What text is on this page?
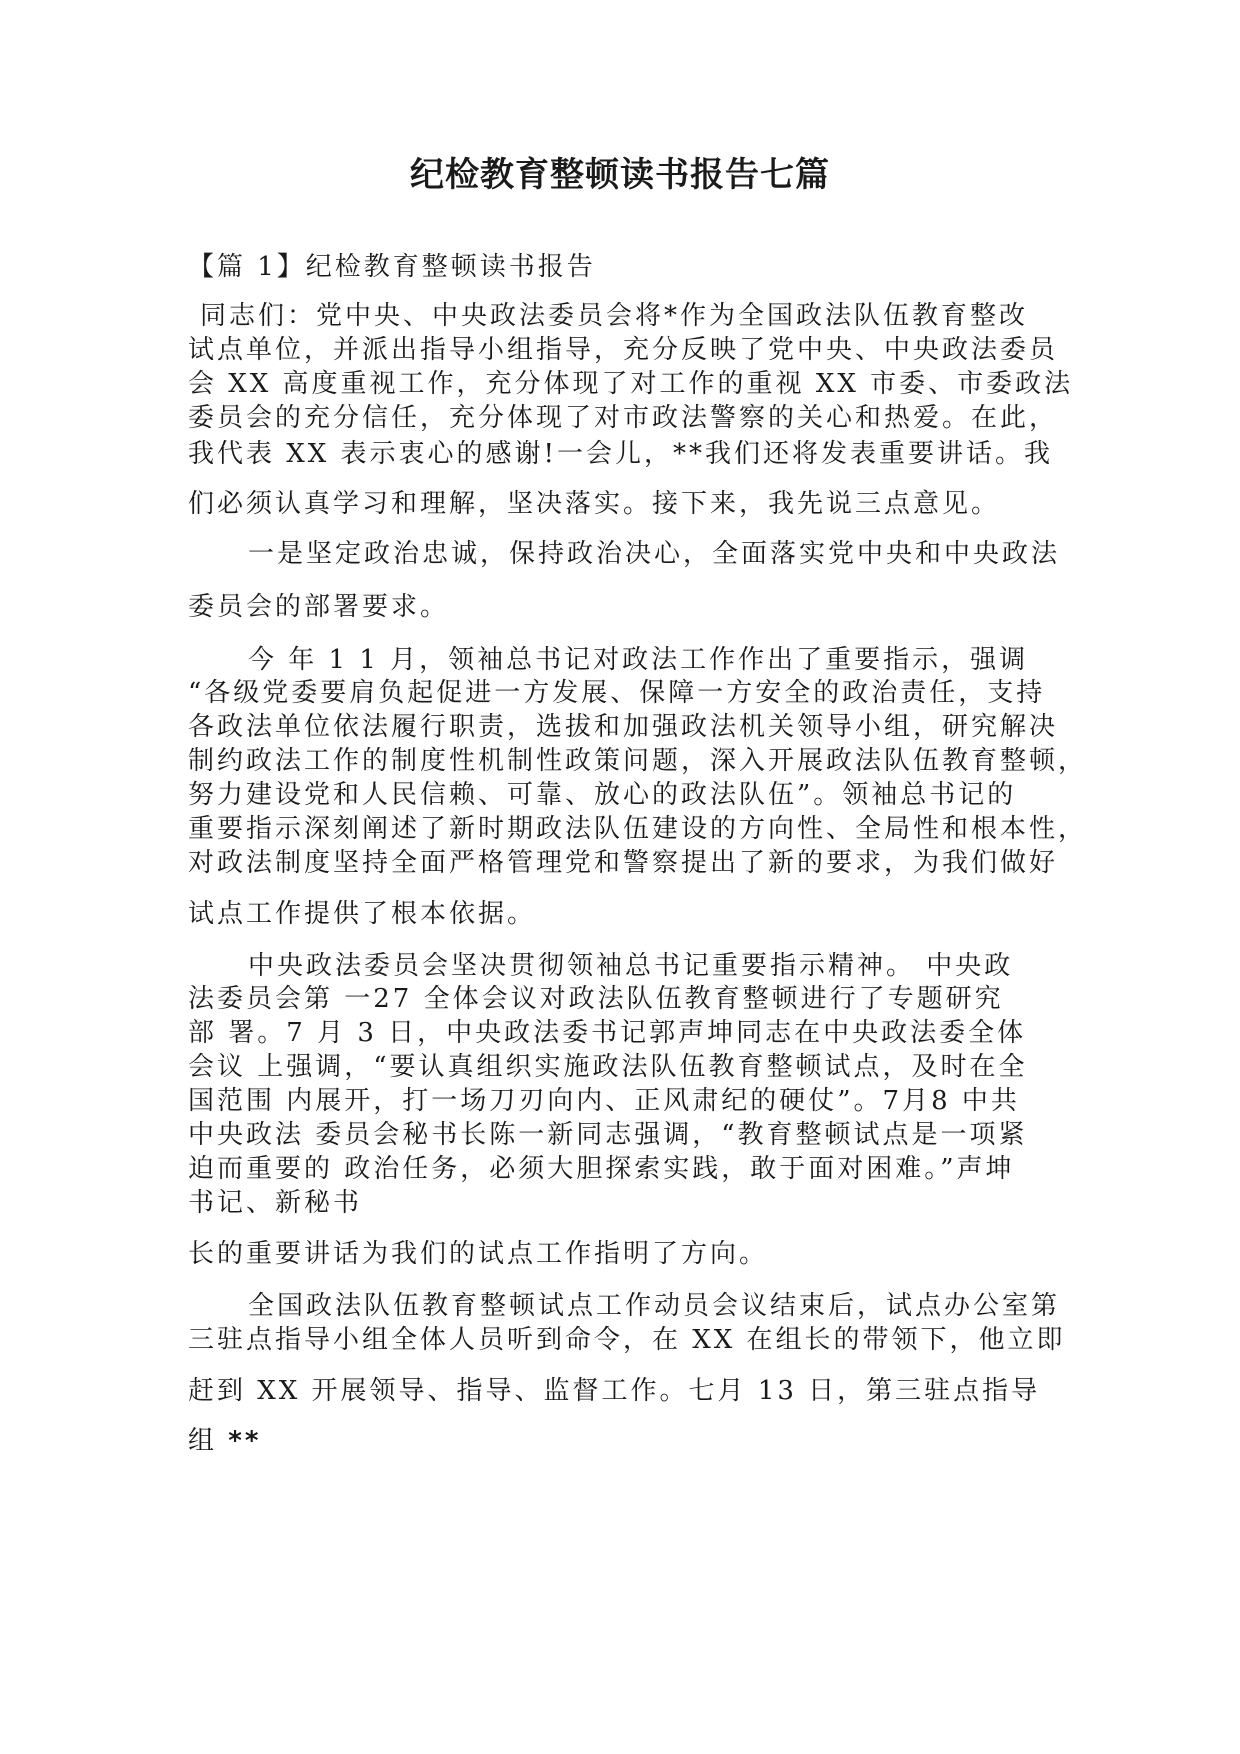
纪检教育整顿读书报告七篇
【篇 1】纪检教育整顿读书报告
同志们：党中央、中央政法委员会将*作为全国政法队伍教育整改
试点单位，并派出指导小组指导，充分反映了党中央、中央政法委员
会 XX 高度重视工作，充分体现了对工作的重视 XX 市委、市委政法
委员会的充分信任，充分体现了对市政法警察的关心和热爱。在此，
我代表 XX 表示衷心的感谢!一会儿，**我们还将发表重要讲话。我
们必须认真学习和理解，坚决落实。接下来，我先说三点意见。
一是坚定政治忠诚，保持政治决心，全面落实党中央和中央政法
委员会的部署要求。
今 年 1 1 月，领袖总书记对政法工作作出了重要指示，强调
“各级党委要肩负起促进一方发展、保障一方安全的政治责任，支持
各政法单位依法履行职责，选拔和加强政法机关领导小组，研究解决
制约政法工作的制度性机制性政策问题，深入开展政法队伍教育整顿，
努力建设党和人民信赖、可靠、放心的政法队伍”。领袖总书记的
重要指示深刻阐述了新时期政法队伍建设的方向性、全局性和根本性，
对政法制度坚持全面严格管理党和警察提出了新的要求，为我们做好
试点工作提供了根本依据。
中央政法委员会坚决贯彻领袖总书记重要指示精神。 中央政
法委员会第 一27 全体会议对政法队伍教育整顿进行了专题研究
部 署。7 月 3 日，中央政法委书记郭声坤同志在中央政法委全体
会议 上强调，“要认真组织实施政法队伍教育整顿试点，及时在全
国范围 内展开，打一场刀刃向内、正风肃纪的硬仗”。7月8 中共
中央政法 委员会秘书长陈一新同志强调，“教育整顿试点是一项紧
迫而重要的 政治任务，必须大胆探索实践，敢于面对困难。”声坤
书记、新秘书
长的重要讲话为我们的试点工作指明了方向。
全国政法队伍教育整顿试点工作动员会议结束后，试点办公室第
三驻点指导小组全体人员听到命令，在 XX 在组长的带领下，他立即
赶到 XX 开展领导、指导、监督工作。七月 13 日，第三驻点指导
组 **
